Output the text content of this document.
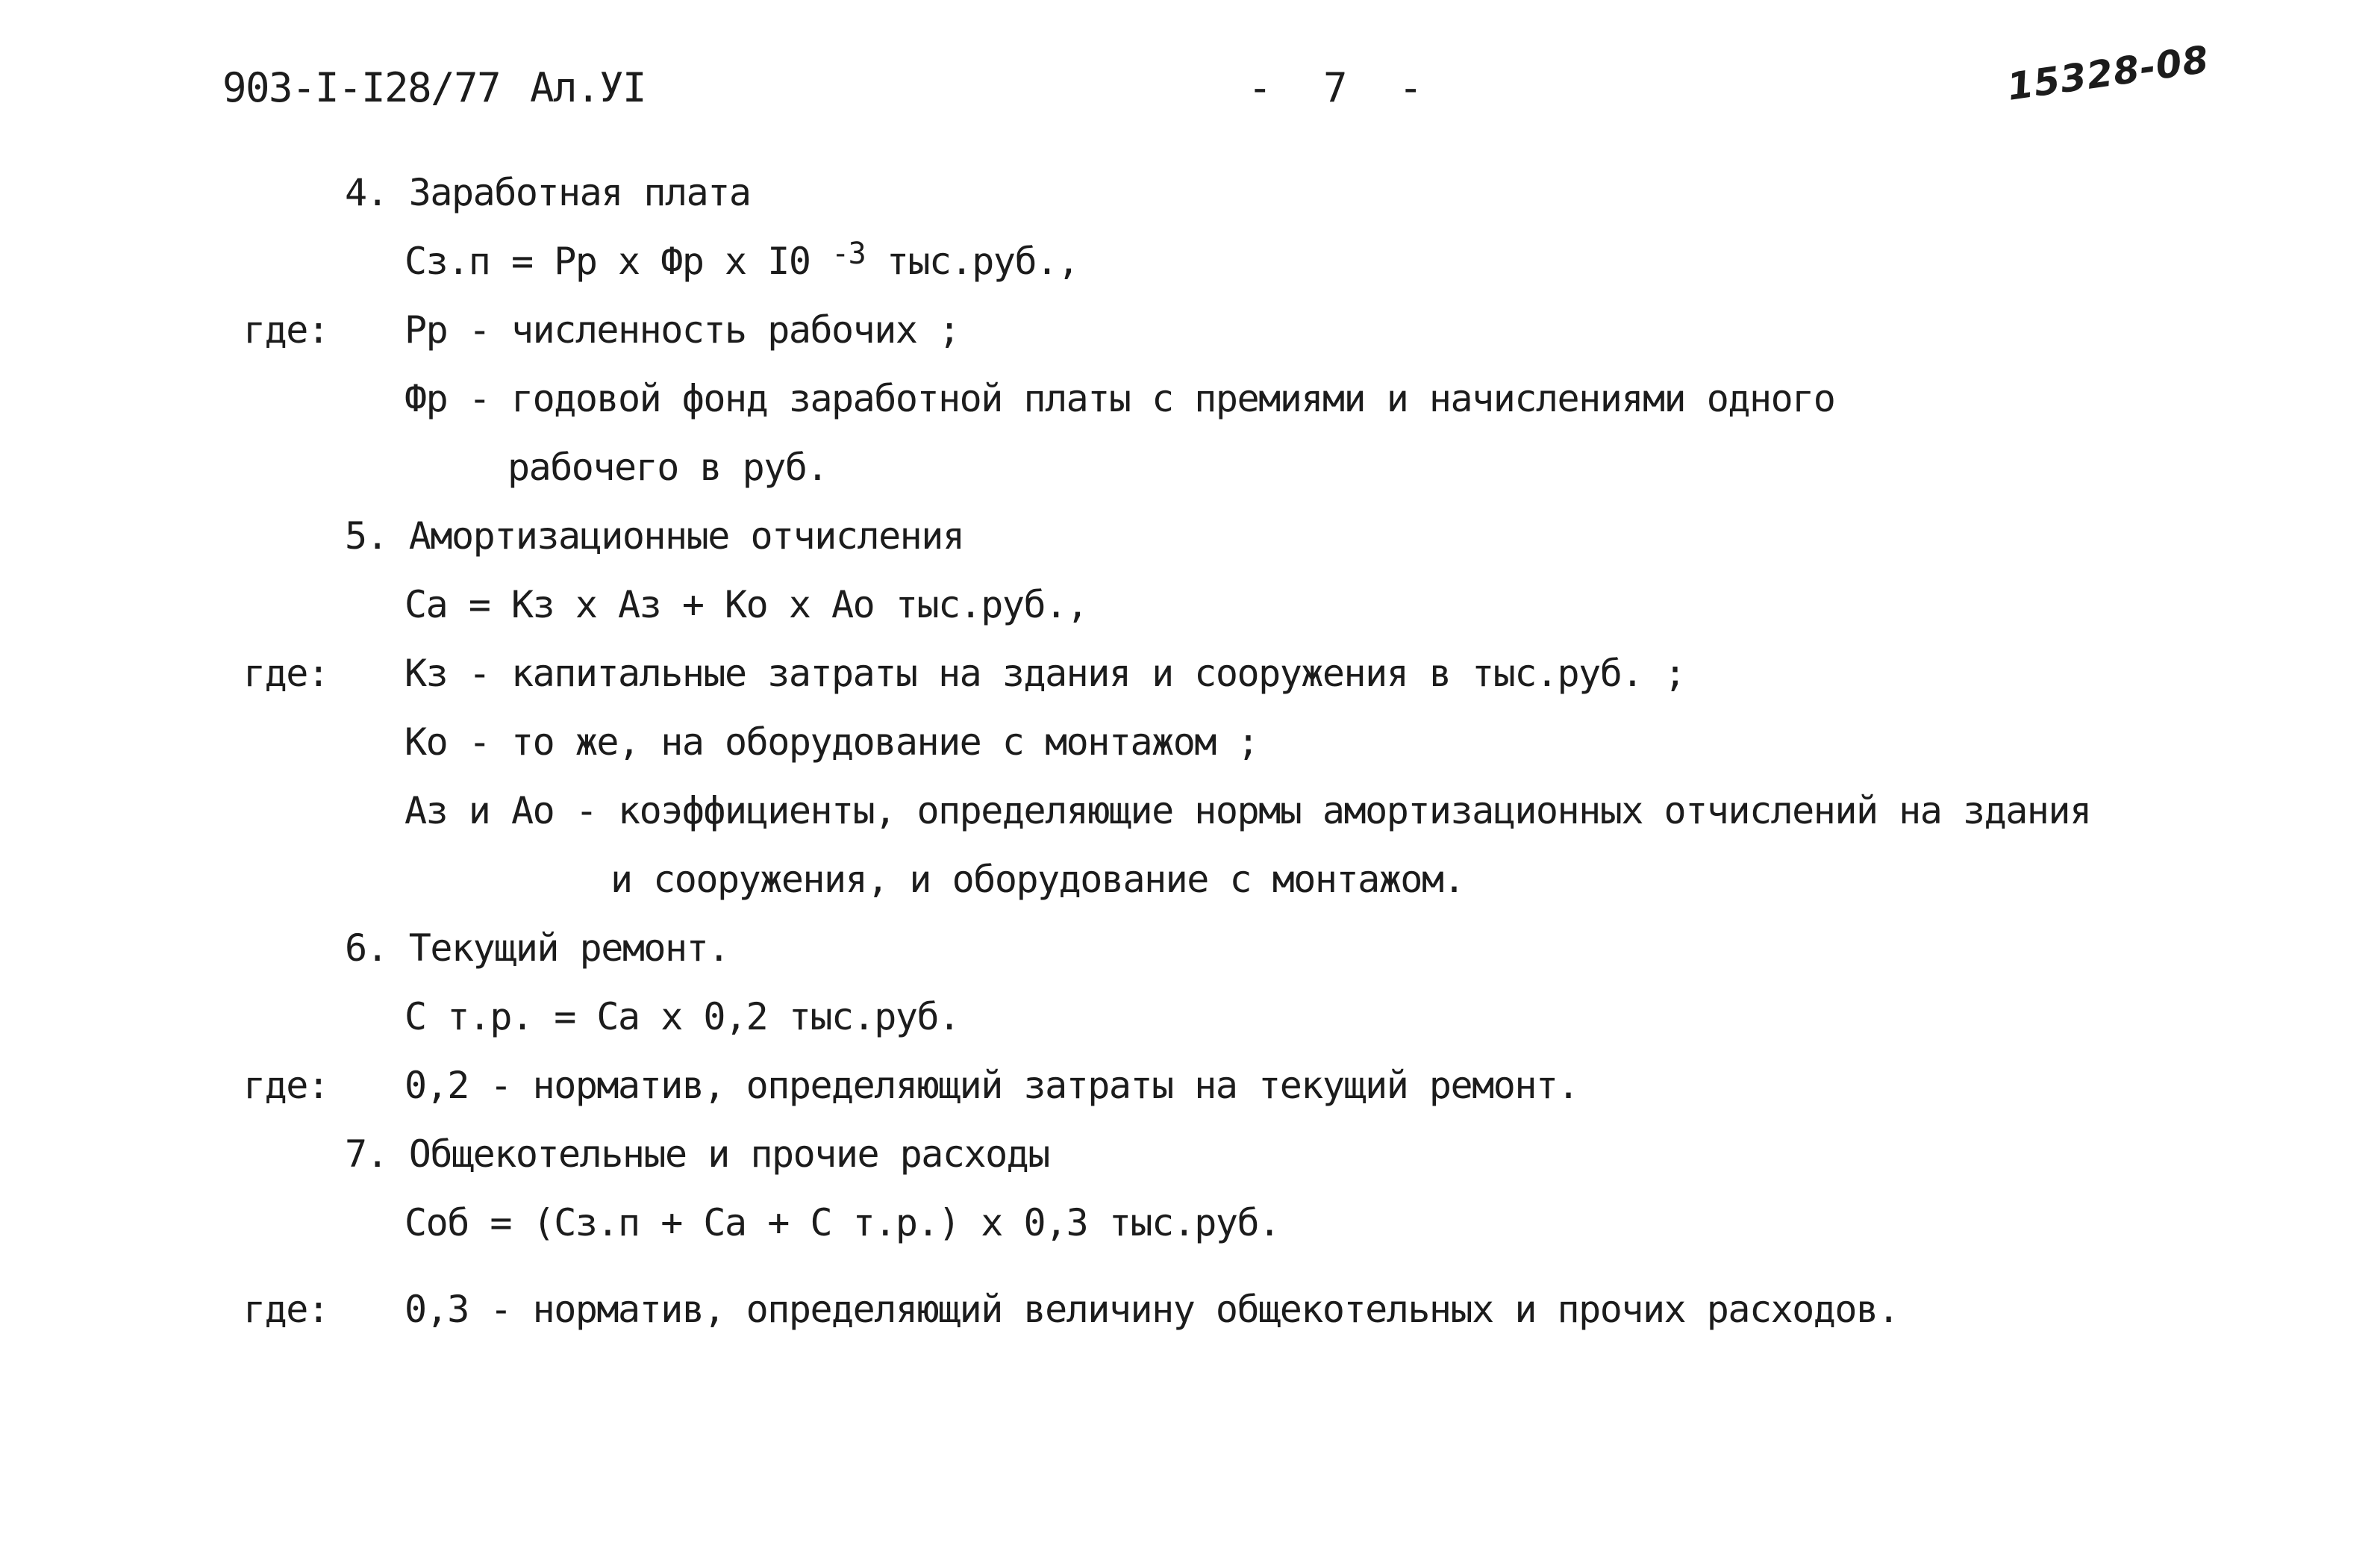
903-I-I28/77 Ал.УI	- 7 -	15328-08
4. Заработная плата
Cз.п = Рр х Фр х I0 $^{-3}$ тыс.руб.,
где: Рр - численность рабочих ;
Фр - годовой фонд заработной платы с премиями и начислениями одного
рабочего в руб.
5. Амортизационные отчисления
Cа = Кз х Аз + Ко х Ао тыс.руб.,
где: Кз - капитальные затраты на здания и сооружения в тыс.руб. ;
Ко - то же, на оборудование с монтажом ;
Аз и Ао - коэффициенты, определяющие нормы амортизационных отчислений на здания
и сооружения, и оборудование с монтажом.
6. Текущий ремонт.
С т.р. = Cа х 0,2 тыс.руб.
где: 0,2 - норматив, определяющий затраты на текущий ремонт.
7. Общекотельные и прочие расходы
Соб = (Cз.п + Cа + С т.р.) х 0,3 тыс.руб.
где: 0,3 - норматив, определяющий величину общекотельных и прочих расходов.
